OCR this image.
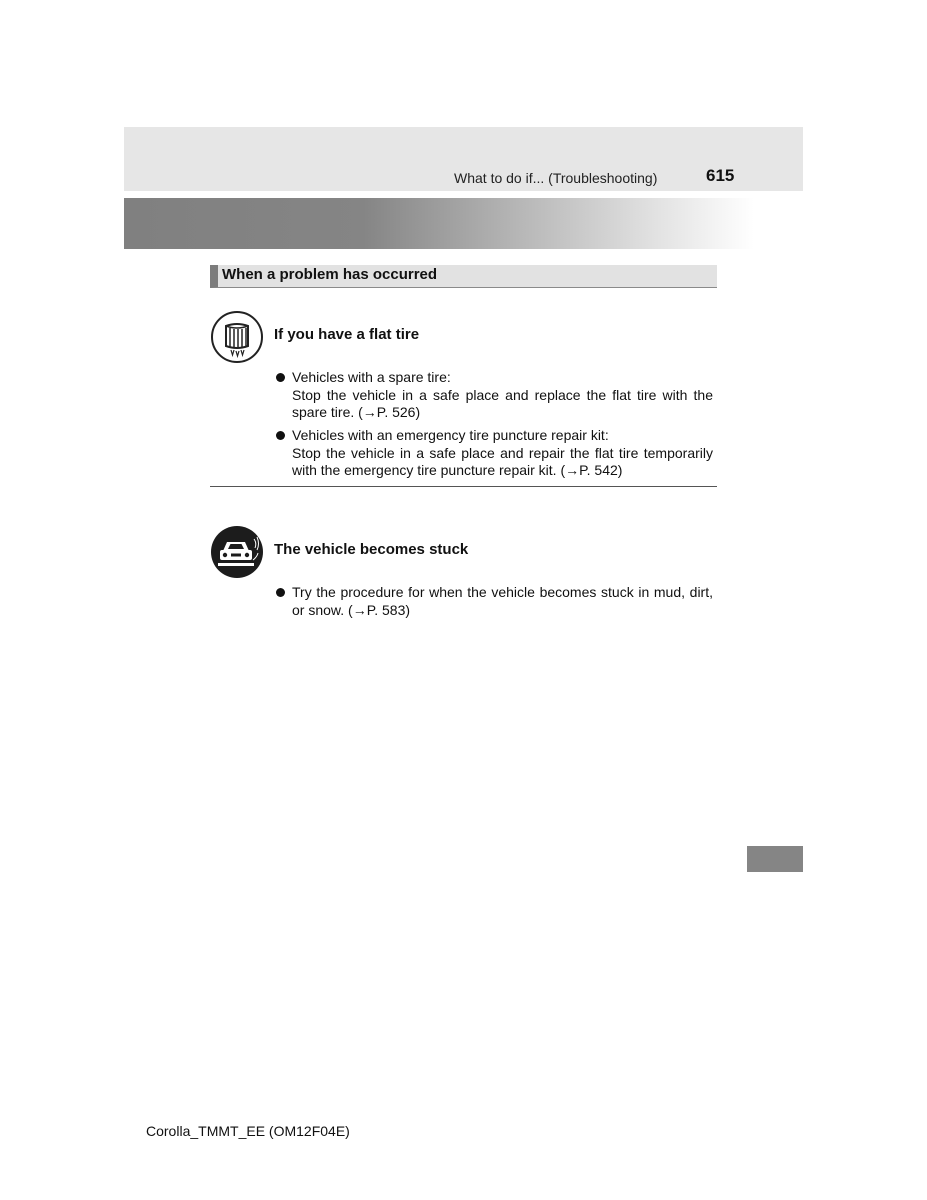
What to do if... (Troubleshooting)	615
When a problem has occurred
If you have a flat tire
Vehicles with a spare tire:
Stop the vehicle in a safe place and replace the flat tire with the
spare tire. (→P. 526)
Vehicles with an emergency tire puncture repair kit:
Stop the vehicle in a safe place and repair the flat tire temporarily
with the emergency tire puncture repair kit. (→P. 542)
The vehicle becomes stuck
Try the procedure for when the vehicle becomes stuck in mud, dirt,
or snow. (→P. 583)
Corolla_TMMT_EE (OM12F04E)
